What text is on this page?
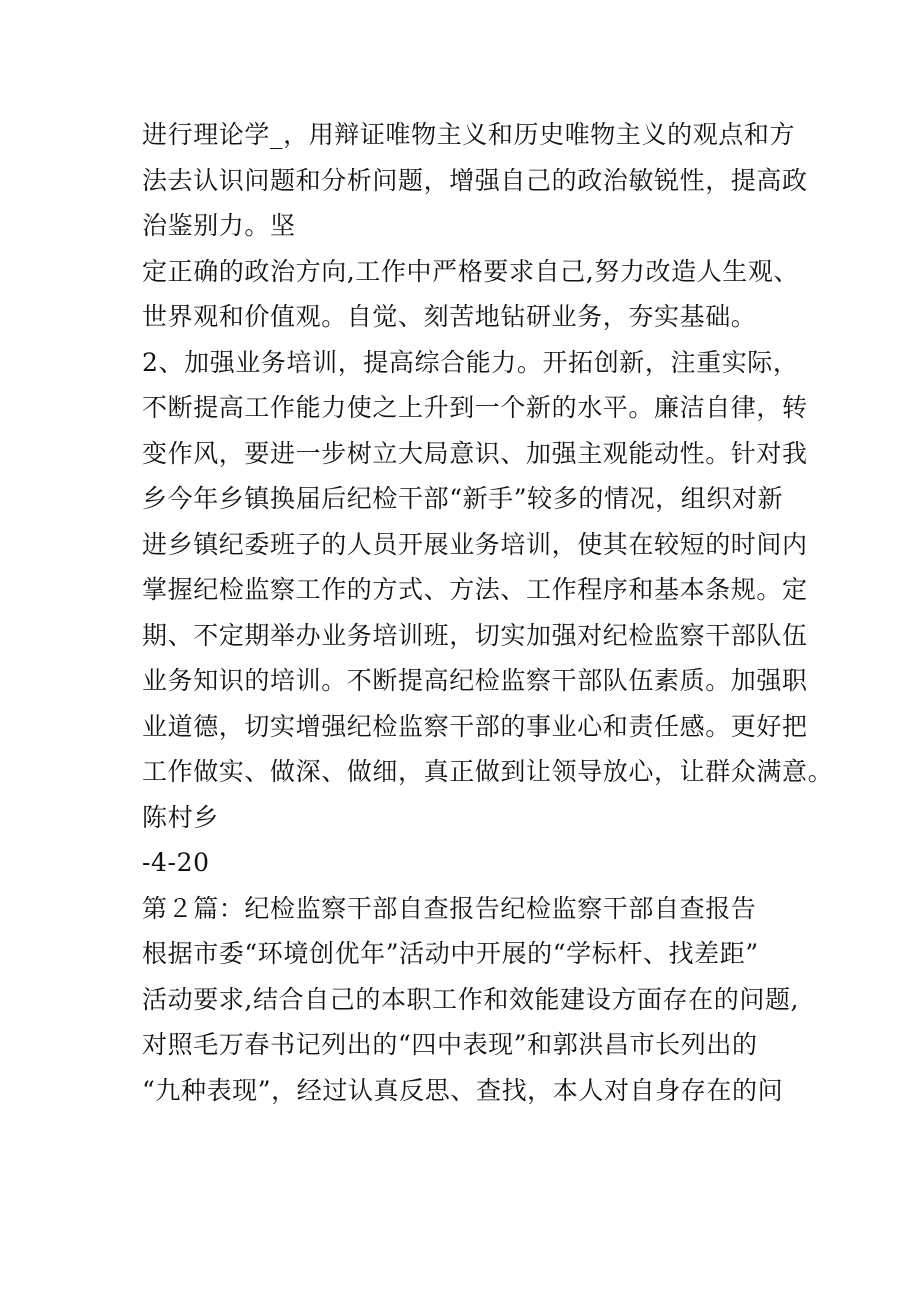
进行理论学_，用辩证唯物主义和历史唯物主义的观点和方
法去认识问题和分析问题，增强自己的政治敏锐性，提高政
治鉴别力。坚
定正确的政治方向,工作中严格要求自己,努力改造人生观、
世界观和价值观。自觉、刻苦地钻研业务，夯实基础。
2、加强业务培训，提高综合能力。开拓创新，注重实际，
不断提高工作能力使之上升到一个新的水平。廉洁自律，转
变作风，要进一步树立大局意识、加强主观能动性。针对我
乡今年乡镇换届后纪检干部“新手”较多的情况，组织对新
进乡镇纪委班子的人员开展业务培训，使其在较短的时间内
掌握纪检监察工作的方式、方法、工作程序和基本条规。定
期、不定期举办业务培训班，切实加强对纪检监察干部队伍
业务知识的培训。不断提高纪检监察干部队伍素质。加强职
业道德，切实增强纪检监察干部的事业心和责任感。更好把
工作做实、做深、做细，真正做到让领导放心，让群众满意。
陈村乡
-4-20
第２篇：纪检监察干部自查报告纪检监察干部自查报告
根据市委“环境创优年”活动中开展的“学标杆、找差距”
活动要求,结合自己的本职工作和效能建设方面存在的问题,
对照毛万春书记列出的“四中表现”和郭洪昌市长列出的
“九种表现”，经过认真反思、查找，本人对自身存在的问
